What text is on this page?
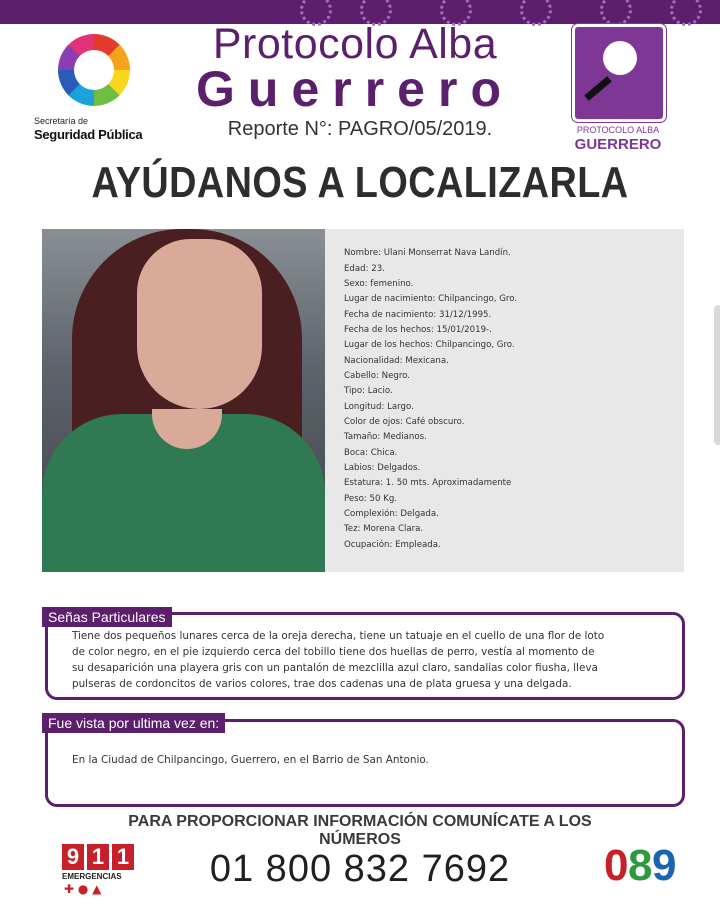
Secretaría de
Seguridad Pública
Protocolo Alba
Guerrero
Reporte N°: PAGRO/05/2019.	PROTOCOLO ALBA
GUERRERO
AYÚDANOS A LOCALIZARLA
Nombre: Ulani Monserrat Nava Landín.
Edad: 23.
Sexo: femenino.
Lugar de nacimiento: Chilpancingo, Gro.
Fecha de nacimiento: 31/12/1995.
Fecha de los hechos: 15/01/2019-.
Lugar de los hechos: Chilpancingo, Gro.
Nacionalidad: Mexicana.
Cabello: Negro.
Tipo: Lacio.
Longitud: Largo.
Color de ojos: Café obscuro.
Tamaño: Medianos.
Boca: Chica.
Labios: Delgados.
Estatura: 1. 50 mts. Aproximadamente
Peso: 50 Kg.
Complexión: Delgada.
Tez: Morena Clara.
Ocupación: Empleada.
Señas Particulares
Tiene dos pequeños lunares cerca de la oreja derecha, tiene un tatuaje en el cuello de una flor de loto
de color negro, en el pie izquierdo cerca del tobillo tiene dos huellas de perro, vestía al momento de
su desaparición una playera gris con un pantalón de mezclilla azul claro, sandalias color fiusha, lleva
pulseras de cordoncitos de varios colores, trae dos cadenas una de plata gruesa y una delgada.
Fue vista por ultima vez en:
En la Ciudad de Chilpancingo, Guerrero, en el Barrio de San Antonio.
PARA PROPORCIONAR INFORMACIÓN COMUNÍCATE A LOS NÚMEROS
9 1 1
EMERGENCIAS
✚ ● ▲	01 800 832 7692	0 8 9
